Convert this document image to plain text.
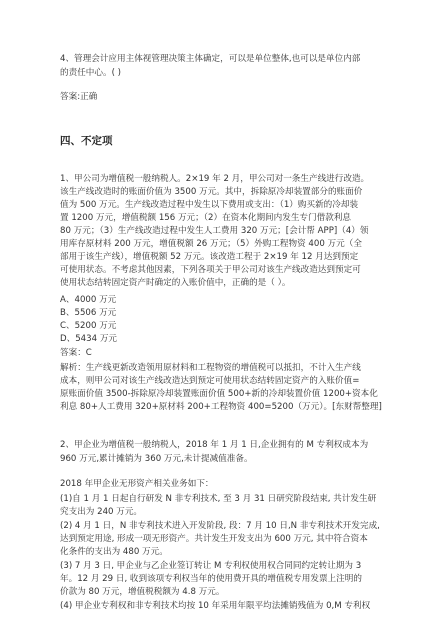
4、管理会计应用主体视管理决策主体确定，可以是单位整体,也可以是单位内部

的责任中心。( )

答案:正确

四、不定项

1、甲公司为增值税一般纳税人。2×19 年 2 月，甲公司对一条生产线进行改造。

该生产线改造时的账面价值为 3500 万元。其中，拆除原冷却装置部分的账面价

值为 500 万元。生产线改造过程中发生以下费用或支出：（1）购买新的冷却装

置 1200 万元，增值税额 156 万元；（2）在资本化期间内发生专门借款利息

80 万元；（3）生产线改造过程中发生人工费用 320 万元；[会计帮 APP]（4）领

用库存原材料 200 万元，增值税额 26 万元；（5）外购工程物资 400 万元（全

部用于该生产线），增值税额 52 万元。该改造工程于 2×19 年 12 月达到预定

可使用状态。不考虑其他因素，下列各项关于甲公司对该生产线改造达到预定可

使用状态结转固定资产时确定的入账价值中，正确的是（ ）。

A、4000 万元

B、5506 万元

C、5200 万元

D、5434 万元

答案：C

解析：生产线更新改造领用原材料和工程物资的增值税可以抵扣，不计入生产线

成本，则甲公司对该生产线改造达到预定可使用状态结转固定资产的入账价值=

原账面价值 3500-拆除原冷却装置账面价值 500+新的冷却装置价值 1200+资本化

利息 80+人工费用 320+原材料 200+工程物资 400=5200（万元）。[东财帮整理]

2、甲企业为增值税一般纳税人，2018 年 1 月 1 日,企业拥有的 M 专利权成本为

960 万元,累计摊销为 360 万元,未计提减值准备。

2018 年甲企业无形资产相关业务如下：

(1)自 1 月 1 日起自行研发 N 非专利技术, 至 3 月 31 日研究阶段结束, 共计发生研

究支出为 240 万元。

(2) 4 月 1 日，N 非专利技术进入开发阶段, 段：7 月 10 日,N 非专利技术开发完成,

达到预定用途, 形成一项无形资产。共计发生开发支出为 600 万元, 其中符合资本

化条件的支出为 480 万元。

(3) 7 月 3 日, 甲企业与乙企业签订转让 M 专利权使用权合同同约定转让期为 3

年。12 月 29 日, 收到该项专利权当年的使用费开具的增值税专用发票上注明的

价款为 80 万元，增值税税额为 4.8 万元。

(4) 甲企业专利权和非专利技术均按 10 年采用年限平均法摊销残值为 0,M 专利权
